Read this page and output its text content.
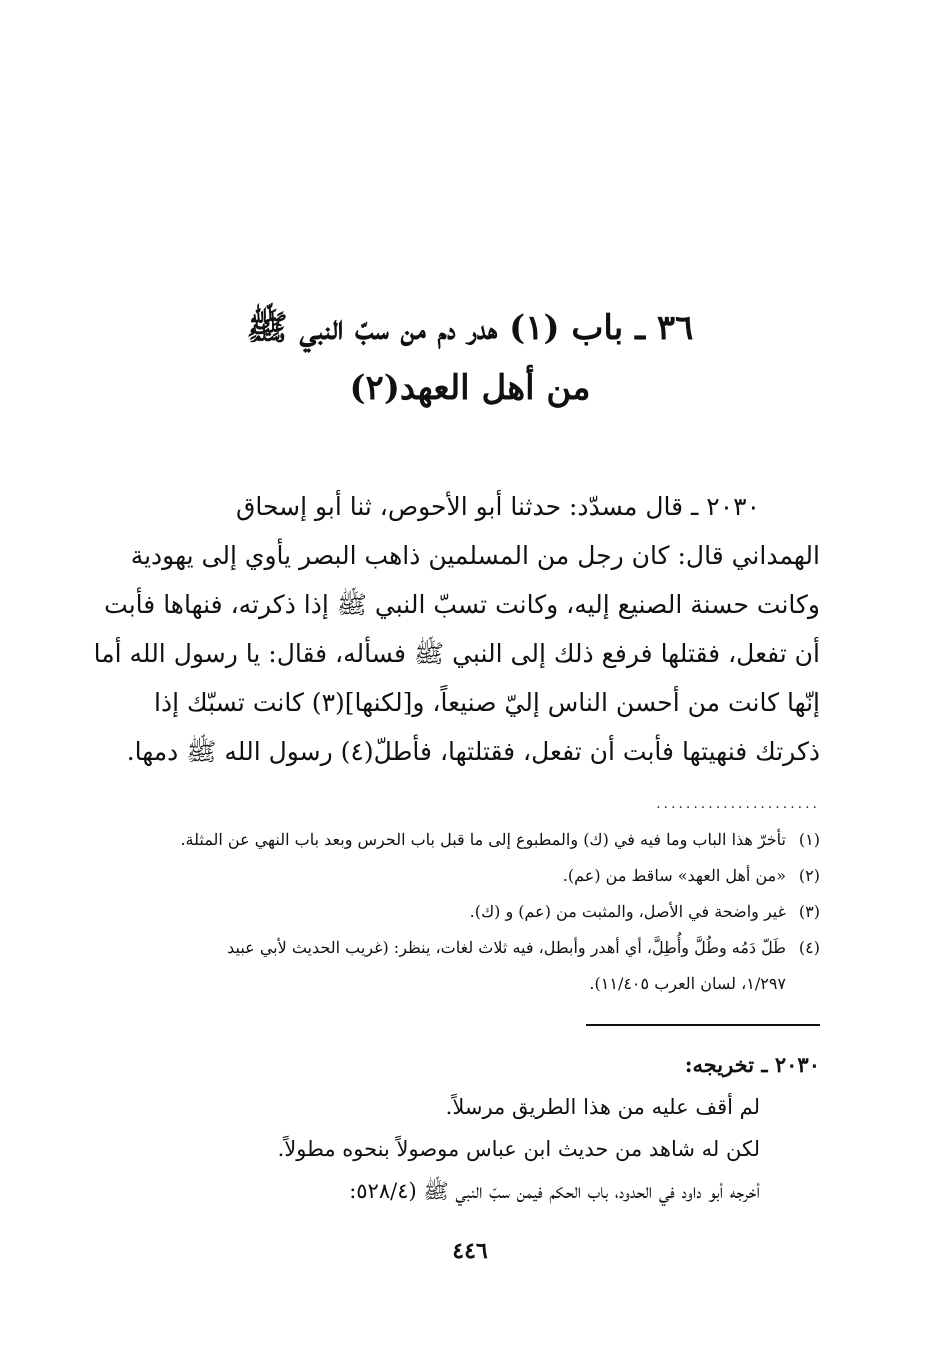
٣٦ ـ باب (١) هدر دم من سبّ النبي ﷺ
من أهل العهد(٢)
٢٠٣٠ ـ قال مسدّد: حدثنا أبو الأحوص، ثنا أبو إسحاق
الهمداني قال: كان رجل من المسلمين ذاهب البصر يأوي إلى يهودية
وكانت حسنة الصنيع إليه، وكانت تسبّ النبي ﷺ إذا ذكرته، فنهاها فأبت
أن تفعل، فقتلها فرفع ذلك إلى النبي ﷺ فسأله، فقال: يا رسول الله أما
إنّها كانت من أحسن الناس إليّ صنيعاً، و[لكنها](٣) كانت تسبّك إذا
ذكرتك فنهيتها فأبت أن تفعل، فقتلتها، فأطلّ(٤) رسول الله ﷺ دمها.
......................
(١)
تأخرّ هذا الباب وما فيه في (ك) والمطبوع إلى ما قبل باب الحرس وبعد باب النهي عن المثلة.
(٢)
«من أهل العهد» ساقط من (عم).
(٣)
غير واضحة في الأصل، والمثبت من (عم) و (ك).
(٤)
طَلّ دَمُه وطُلَّ وأُطِلَّ، أي أهدر وأبطل، فيه ثلاث لغات، ينظر: (غريب الحديث لأبي عبيد
١/٢٩٧، لسان العرب ١١/٤٠٥).
٢٠٣٠ ـ تخريجه:
لم أقف عليه من هذا الطريق مرسلاً.
لكن له شاهد من حديث ابن عباس موصولاً بنحوه مطولاً.
أخرجه أبو داود في الحدود، باب الحكم فيمن سبّ النبي ﷺ (٥٢٨/٤:
٤٤٦
